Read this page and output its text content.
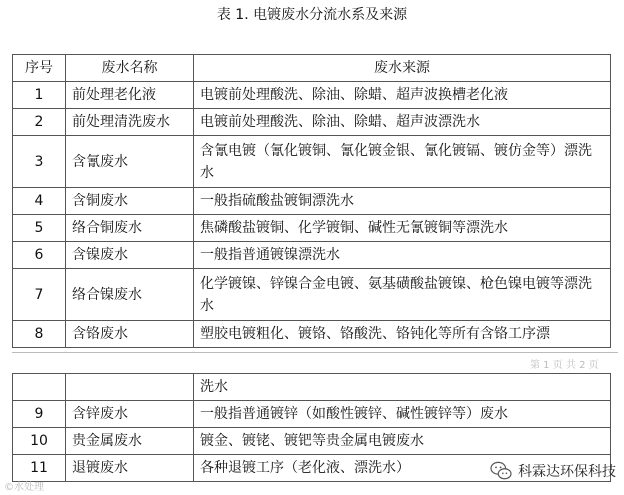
表 1. 电镀废水分流水系及来源
序号	废水名称	废水来源
1	前处理老化液	电镀前处理酸洗、除油、除蜡、超声波换槽老化液
2	前处理清洗废水	电镀前处理酸洗、除油、除蜡、超声波漂洗水
3	含氰废水	含氰电镀（氰化镀铜、氰化镀金银、氰化镀镉、镀仿金等）漂洗水
4	含铜废水	一般指硫酸盐镀铜漂洗水
5	络合铜废水	焦磷酸盐镀铜、化学镀铜、碱性无氰镀铜等漂洗水
6	含镍废水	一般指普通镀镍漂洗水
7	络合镍废水	化学镀镍、锌镍合金电镀、氨基磺酸盐镀镍、枪色镍电镀等漂洗水
8	含铬废水	塑胶电镀粗化、镀铬、铬酸洗、铬钝化等所有含铬工序漂
第 1 页 共 2 页
		洗水
9	含锌废水	一般指普通镀锌（如酸性镀锌、碱性镀锌等）废水
10	贵金属废水	镀金、镀铑、镀钯等贵金属电镀废水
11	退镀废水	各种退镀工序（老化液、漂洗水）
©水处理
科霖达环保科技
